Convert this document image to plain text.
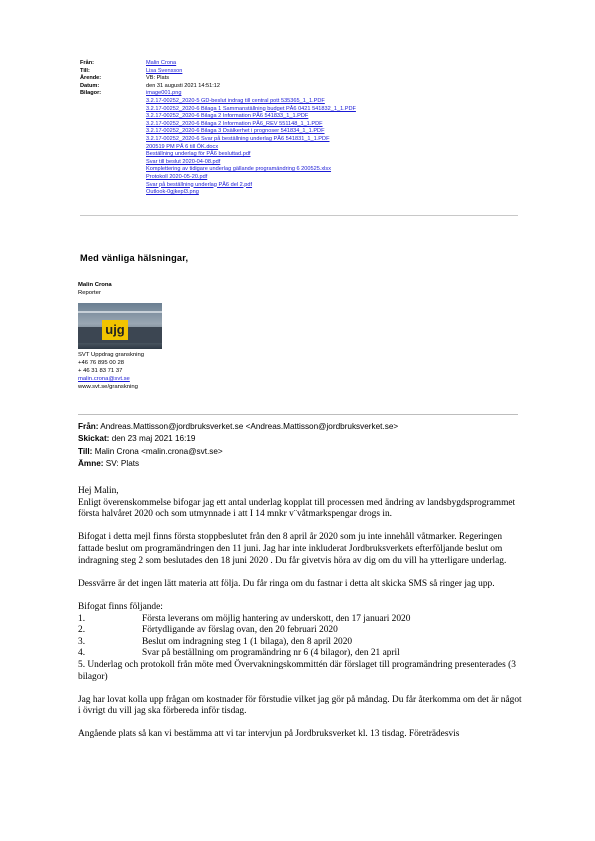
Från:	Malin Crona
Till:	Lisa Svensson
Ärende:	VB: Plats
Datum:	den 31 augusti 2021 14:51:12
Bilagor:	image001.png
3.2.17-00252_2020-5 GD-beslut indrag till central pott 535365_1_1.PDF
3.2.17-00252_2020-6 Bilaga 1 Sammanställning budget PÅ6 0421 541832_1_1.PDF
3.2.17-00252_2020-6 Bilaga 2 Information PÅ6 541833_1_1.PDF
3.2.17-00252_2020-6 Bilaga 2 Information PÅ6_REV 551148_1_1.PDF
3.2.17-00252_2020-6 Bilaga 3 Dsälkerhet i prognoser 541834_1_1.PDF
3.2.17-00252_2020-6 Svar på beställning underlag PÅ6 541831_1_1.PDF
200519 PM PÅ 6 till ÖK.docx
Beställning underlag för PÅ6 besluttad.pdf
Svar till beslut 2020-04-08.pdf
Komplettering av tidigare underlag gällande programändring 6 200525.xlsx
Protokoll 2020-05-20.pdf
Svar på beställning underlag PÅ6 del 2.pdf
Outlook-0gjkepl3.png
Med vänliga hälsningar,
Malin Crona
Reporter
ujg
SVT Uppdrag granskning
+46 76 895 00 28
+ 46 31 83 71 37
malin.crona@svt.se
www.svt.se/granskning
Från: Andreas.Mattisson@jordbruksverket.se <Andreas.Mattisson@jordbruksverket.se>
Skickat: den 23 maj 2021 16:19
Till: Malin Crona <malin.crona@svt.se>
Ämne: SV: Plats
Hej Malin,

Enligt överenskommelse bifogar jag ett antal underlag kopplat till processen med ändring av landsbygdsprogrammet första halvåret 2020 och som utmynnade i att I 14 mnkr v¨våtmarkspengar drogs in.

Bifogat i detta mejl finns första stoppbeslutet från den 8 april år 2020 som ju inte innehåll våtmarker. Regeringen fattade beslut om programändringen den 11 juni. Jag har inte inkluderat Jordbruksverkets efterföljande beslut om indragning steg 2 som beslutades den 18 juni 2020 . Du får givetvis höra av dig om du vill ha ytterligare underlag.

Dessvärre är det ingen lätt materia att följa. Du får ringa om du fastnar i detta alt skicka SMS så ringer jag upp.

Bifogat finns följande:
1.	Första leverans om möjlig hantering av underskott, den 17 januari 2020
2.	Förtydligande av förslag ovan, den 20 februari 2020
3.	Beslut om indragning steg 1 (1 bilaga), den 8 april 2020
4.	Svar på beställning om programändring nr 6 (4 bilagor), den 21 april

5. Underlag och protokoll från möte med Övervakningskommittén där förslaget till programändring presenterades (3 bilagor)

Jag har lovat kolla upp frågan om kostnader för förstudie vilket jag gör på måndag. Du får återkomma om det är något i övrigt du vill jag ska förbereda inför tisdag.

Angående plats så kan vi bestämma att vi tar intervjun på Jordbruksverket kl. 13 tisdag. Företrädesvis
